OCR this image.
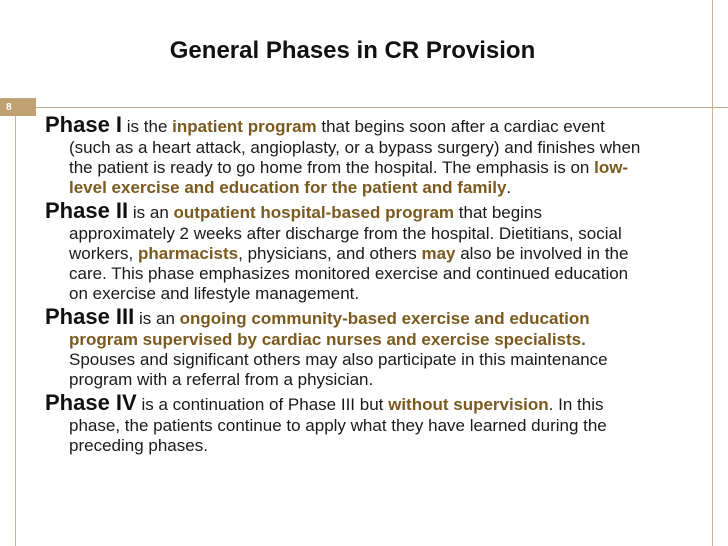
General Phases in CR Provision
8
Phase I is the inpatient program that begins soon after a cardiac event
(such as a heart attack, angioplasty, or a bypass surgery) and finishes when
the patient is ready to go home from the hospital. The emphasis is on low-
level exercise and education for the patient and family.
Phase II is an outpatient hospital-based program that begins
approximately 2 weeks after discharge from the hospital. Dietitians, social
workers, pharmacists, physicians, and others may also be involved in the
care. This phase emphasizes monitored exercise and continued education
on exercise and lifestyle management.
Phase III is an ongoing community-based exercise and education
program supervised by cardiac nurses and exercise specialists.
Spouses and significant others may also participate in this maintenance
program with a referral from a physician.
Phase IV is a continuation of Phase III but without supervision. In this
phase, the patients continue to apply what they have learned during the
preceding phases.
